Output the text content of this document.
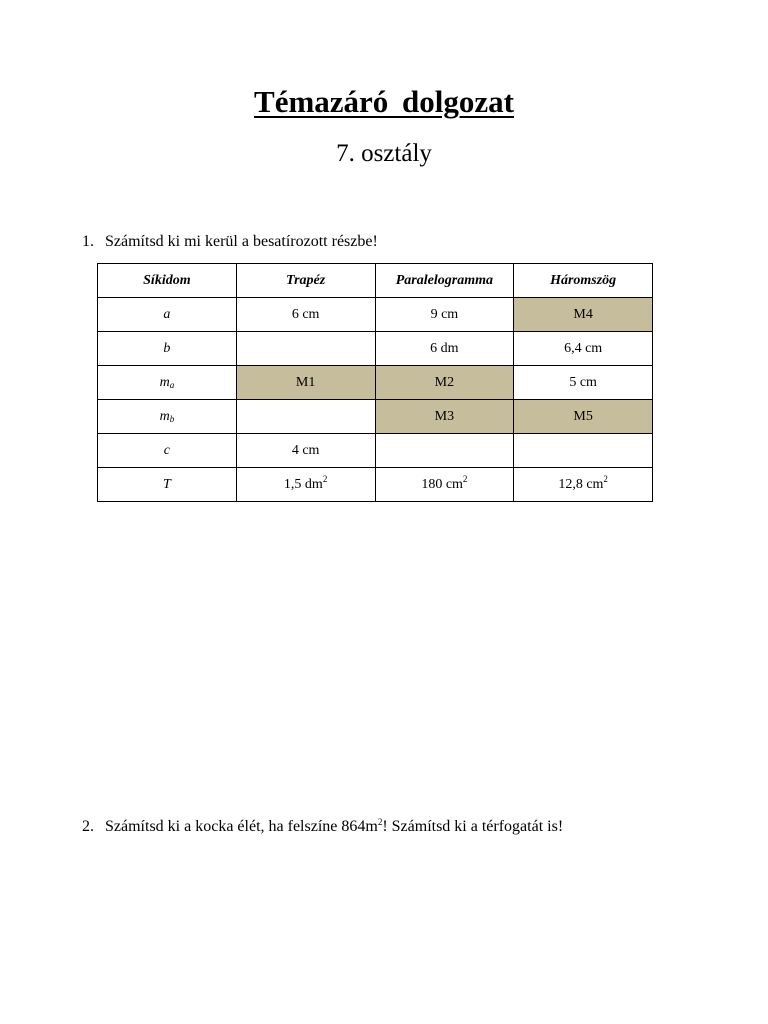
Témazáró dolgozat
7. osztály
1. Számítsd ki mi kerül a besatírozott részbe!
Síkidom	Trapéz	Paralelogramma	Háromszög
a	6 cm	9 cm	M4
b		6 dm	6,4 cm
$m_a$	M1	M2	5 cm
$m_b$		M3	M5
c	4 cm		
T	1,5 $dm^2$	180 $cm^2$	12,8 $cm^2$
2. Számítsd ki a kocka élét, ha felszíne $864m^2$! Számítsd ki a térfogatát is!
